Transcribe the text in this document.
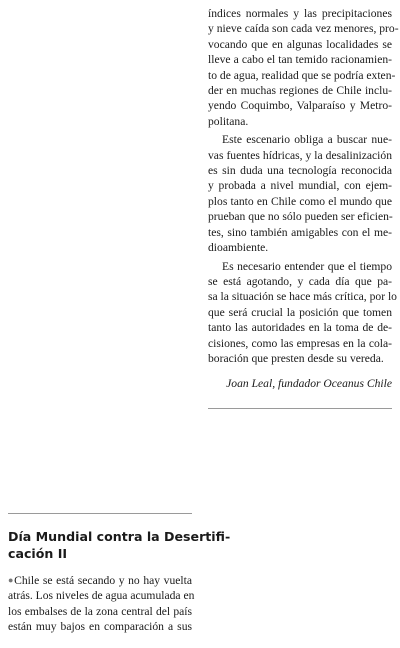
índices normales y las precipitaciones
y nieve caída son cada vez menores, pro-
vocando que en algunas localidades se
lleve a cabo el tan temido racionamien-
to de agua, realidad que se podría exten-
der en muchas regiones de Chile inclu-
yendo Coquimbo, Valparaíso y Metro-
politana.

Este escenario obliga a buscar nue-
vas fuentes hídricas, y la desalinización
es sin duda una tecnología reconocida
y probada a nivel mundial, con ejem-
plos tanto en Chile como el mundo que
prueban que no sólo pueden ser eficien-
tes, sino también amigables con el me-
dioambiente.

Es necesario entender que el tiempo
se está agotando, y cada día que pa-
sa la situación se hace más crítica, por lo
que será crucial la posición que tomen
tanto las autoridades en la toma de de-
cisiones, como las empresas en la cola-
boración que presten desde su vereda.

Joan Leal, fundador Oceanus Chile
Día Mundial contra la Desertifi-
cación II

●Chile se está secando y no hay vuelta
atrás. Los niveles de agua acumulada en
los embalses de la zona central del país
están muy bajos en comparación a sus
